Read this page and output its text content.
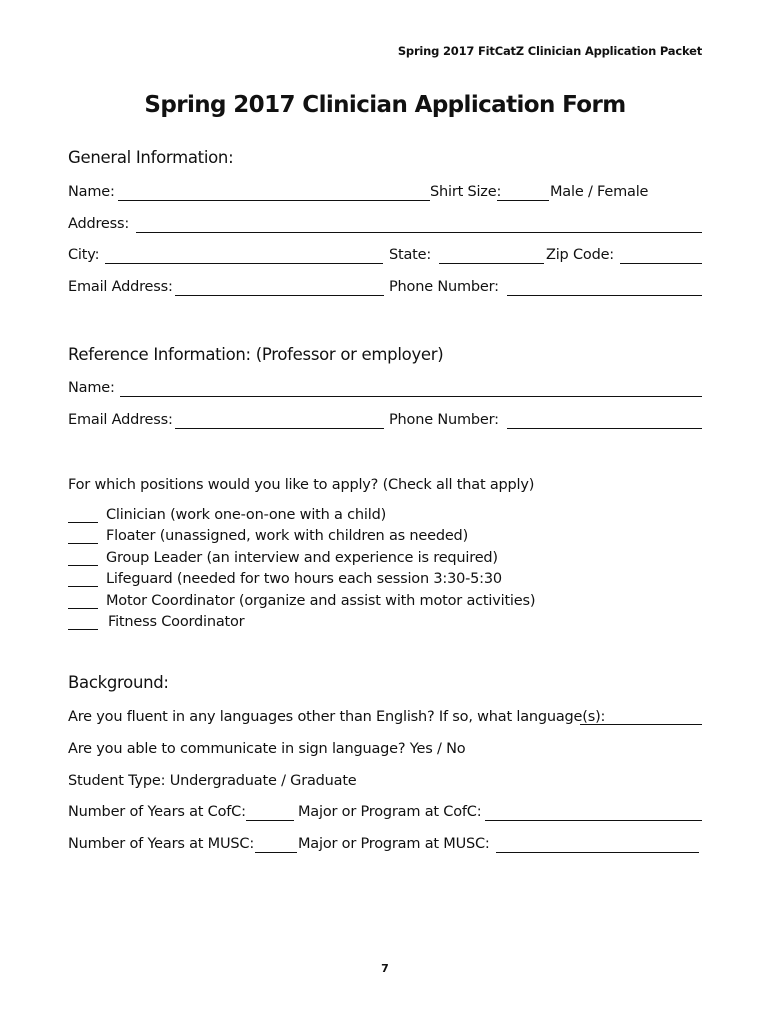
Spring 2017 FitCatZ Clinician Application Packet
Spring 2017 Clinician Application Form
General Information:
Name:	Shirt Size:	Male / Female
Address:
City:	State:	Zip Code:
Email Address:	Phone Number:
Reference Information: (Professor or employer)
Name:
Email Address:	Phone Number:
For which positions would you like to apply? (Check all that apply)
Clinician (work one-on-one with a child)
Floater (unassigned, work with children as needed)
Group Leader (an interview and experience is required)
Lifeguard (needed for two hours each session 3:30-5:30
Motor Coordinator (organize and assist with motor activities)
Fitness Coordinator
Background:
Are you fluent in any languages other than English? If so, what language(s):
Are you able to communicate in sign language? Yes / No
Student Type: Undergraduate / Graduate
Number of Years at CofC:	Major or Program at CofC:
Number of Years at MUSC:	Major or Program at MUSC:
7
